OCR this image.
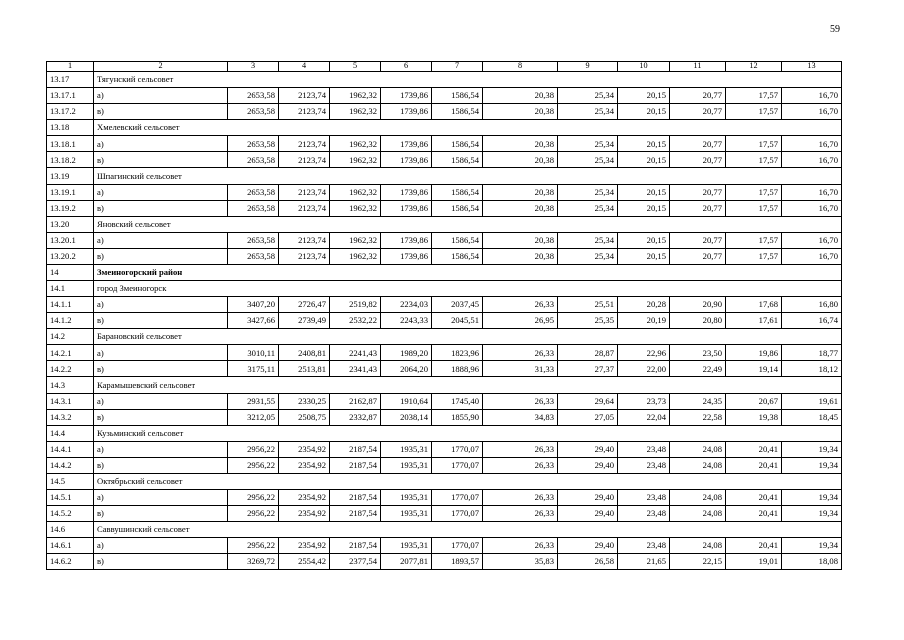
59
1	2	3	4	5	6	7	8	9	10	11	12	13
13.17	Тягунский сельсовет											
13.17.1	а)	2653,58	2123,74	1962,32	1739,86	1586,54	20,38	25,34	20,15	20,77	17,57	16,70
13.17.2	в)	2653,58	2123,74	1962,32	1739,86	1586,54	20,38	25,34	20,15	20,77	17,57	16,70
13.18	Хмелевский сельсовет											
13.18.1	а)	2653,58	2123,74	1962,32	1739,86	1586,54	20,38	25,34	20,15	20,77	17,57	16,70
13.18.2	в)	2653,58	2123,74	1962,32	1739,86	1586,54	20,38	25,34	20,15	20,77	17,57	16,70
13.19	Шпагинский сельсовет											
13.19.1	а)	2653,58	2123,74	1962,32	1739,86	1586,54	20,38	25,34	20,15	20,77	17,57	16,70
13.19.2	в)	2653,58	2123,74	1962,32	1739,86	1586,54	20,38	25,34	20,15	20,77	17,57	16,70
13.20	Яновский сельсовет											
13.20.1	а)	2653,58	2123,74	1962,32	1739,86	1586,54	20,38	25,34	20,15	20,77	17,57	16,70
13.20.2	в)	2653,58	2123,74	1962,32	1739,86	1586,54	20,38	25,34	20,15	20,77	17,57	16,70
14	Змеиногорский район											
14.1	город Змеиногорск											
14.1.1	а)	3407,20	2726,47	2519,82	2234,03	2037,45	26,33	25,51	20,28	20,90	17,68	16,80
14.1.2	в)	3427,66	2739,49	2532,22	2243,33	2045,51	26,95	25,35	20,19	20,80	17,61	16,74
14.2	Барановский сельсовет											
14.2.1	а)	3010,11	2408,81	2241,43	1989,20	1823,96	26,33	28,87	22,96	23,50	19,86	18,77
14.2.2	в)	3175,11	2513,81	2341,43	2064,20	1888,96	31,33	27,37	22,00	22,49	19,14	18,12
14.3	Карамышевский сельсовет											
14.3.1	а)	2931,55	2330,25	2162,87	1910,64	1745,40	26,33	29,64	23,73	24,35	20,67	19,61
14.3.2	в)	3212,05	2508,75	2332,87	2038,14	1855,90	34,83	27,05	22,04	22,58	19,38	18,45
14.4	Кузьминский сельсовет											
14.4.1	а)	2956,22	2354,92	2187,54	1935,31	1770,07	26,33	29,40	23,48	24,08	20,41	19,34
14.4.2	в)	2956,22	2354,92	2187,54	1935,31	1770,07	26,33	29,40	23,48	24,08	20,41	19,34
14.5	Октябрьский сельсовет											
14.5.1	а)	2956,22	2354,92	2187,54	1935,31	1770,07	26,33	29,40	23,48	24,08	20,41	19,34
14.5.2	в)	2956,22	2354,92	2187,54	1935,31	1770,07	26,33	29,40	23,48	24,08	20,41	19,34
14.6	Саввушинский сельсовет											
14.6.1	а)	2956,22	2354,92	2187,54	1935,31	1770,07	26,33	29,40	23,48	24,08	20,41	19,34
14.6.2	в)	3269,72	2554,42	2377,54	2077,81	1893,57	35,83	26,58	21,65	22,15	19,01	18,08
